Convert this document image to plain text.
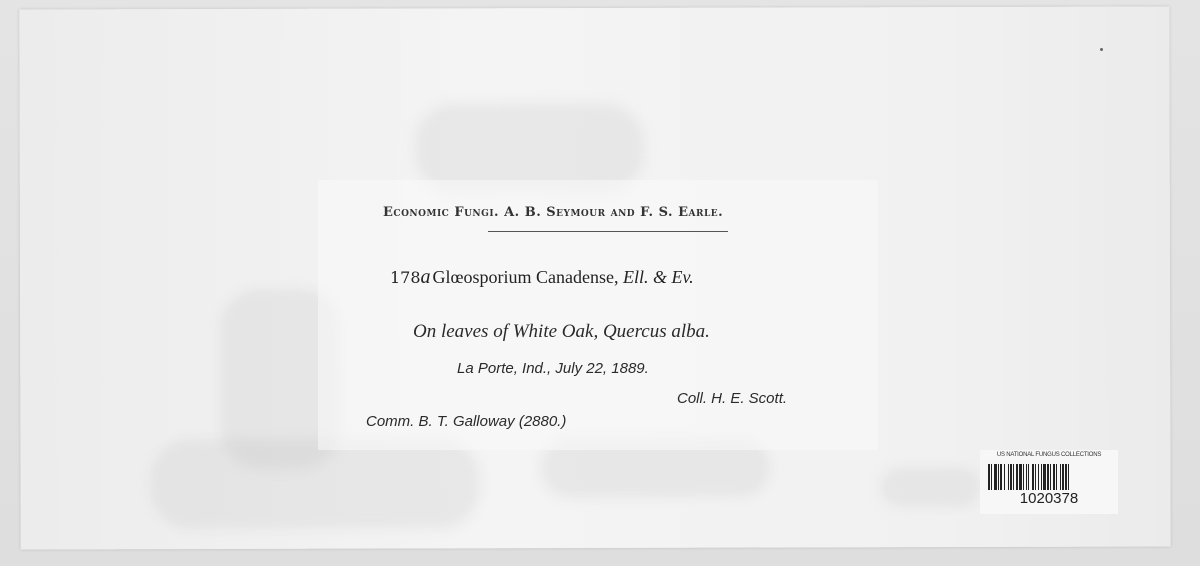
Economic Fungi. A. B. Seymour and F. S. Earle.
178a Glœosporium Canadense, Ell. & Ev.
On leaves of White Oak, Quercus alba.
La Porte, Ind., July 22, 1889.
Coll. H. E. Scott.
Comm. B. T. Galloway (2880.)
US NATIONAL FUNGUS COLLECTIONS
1020378
